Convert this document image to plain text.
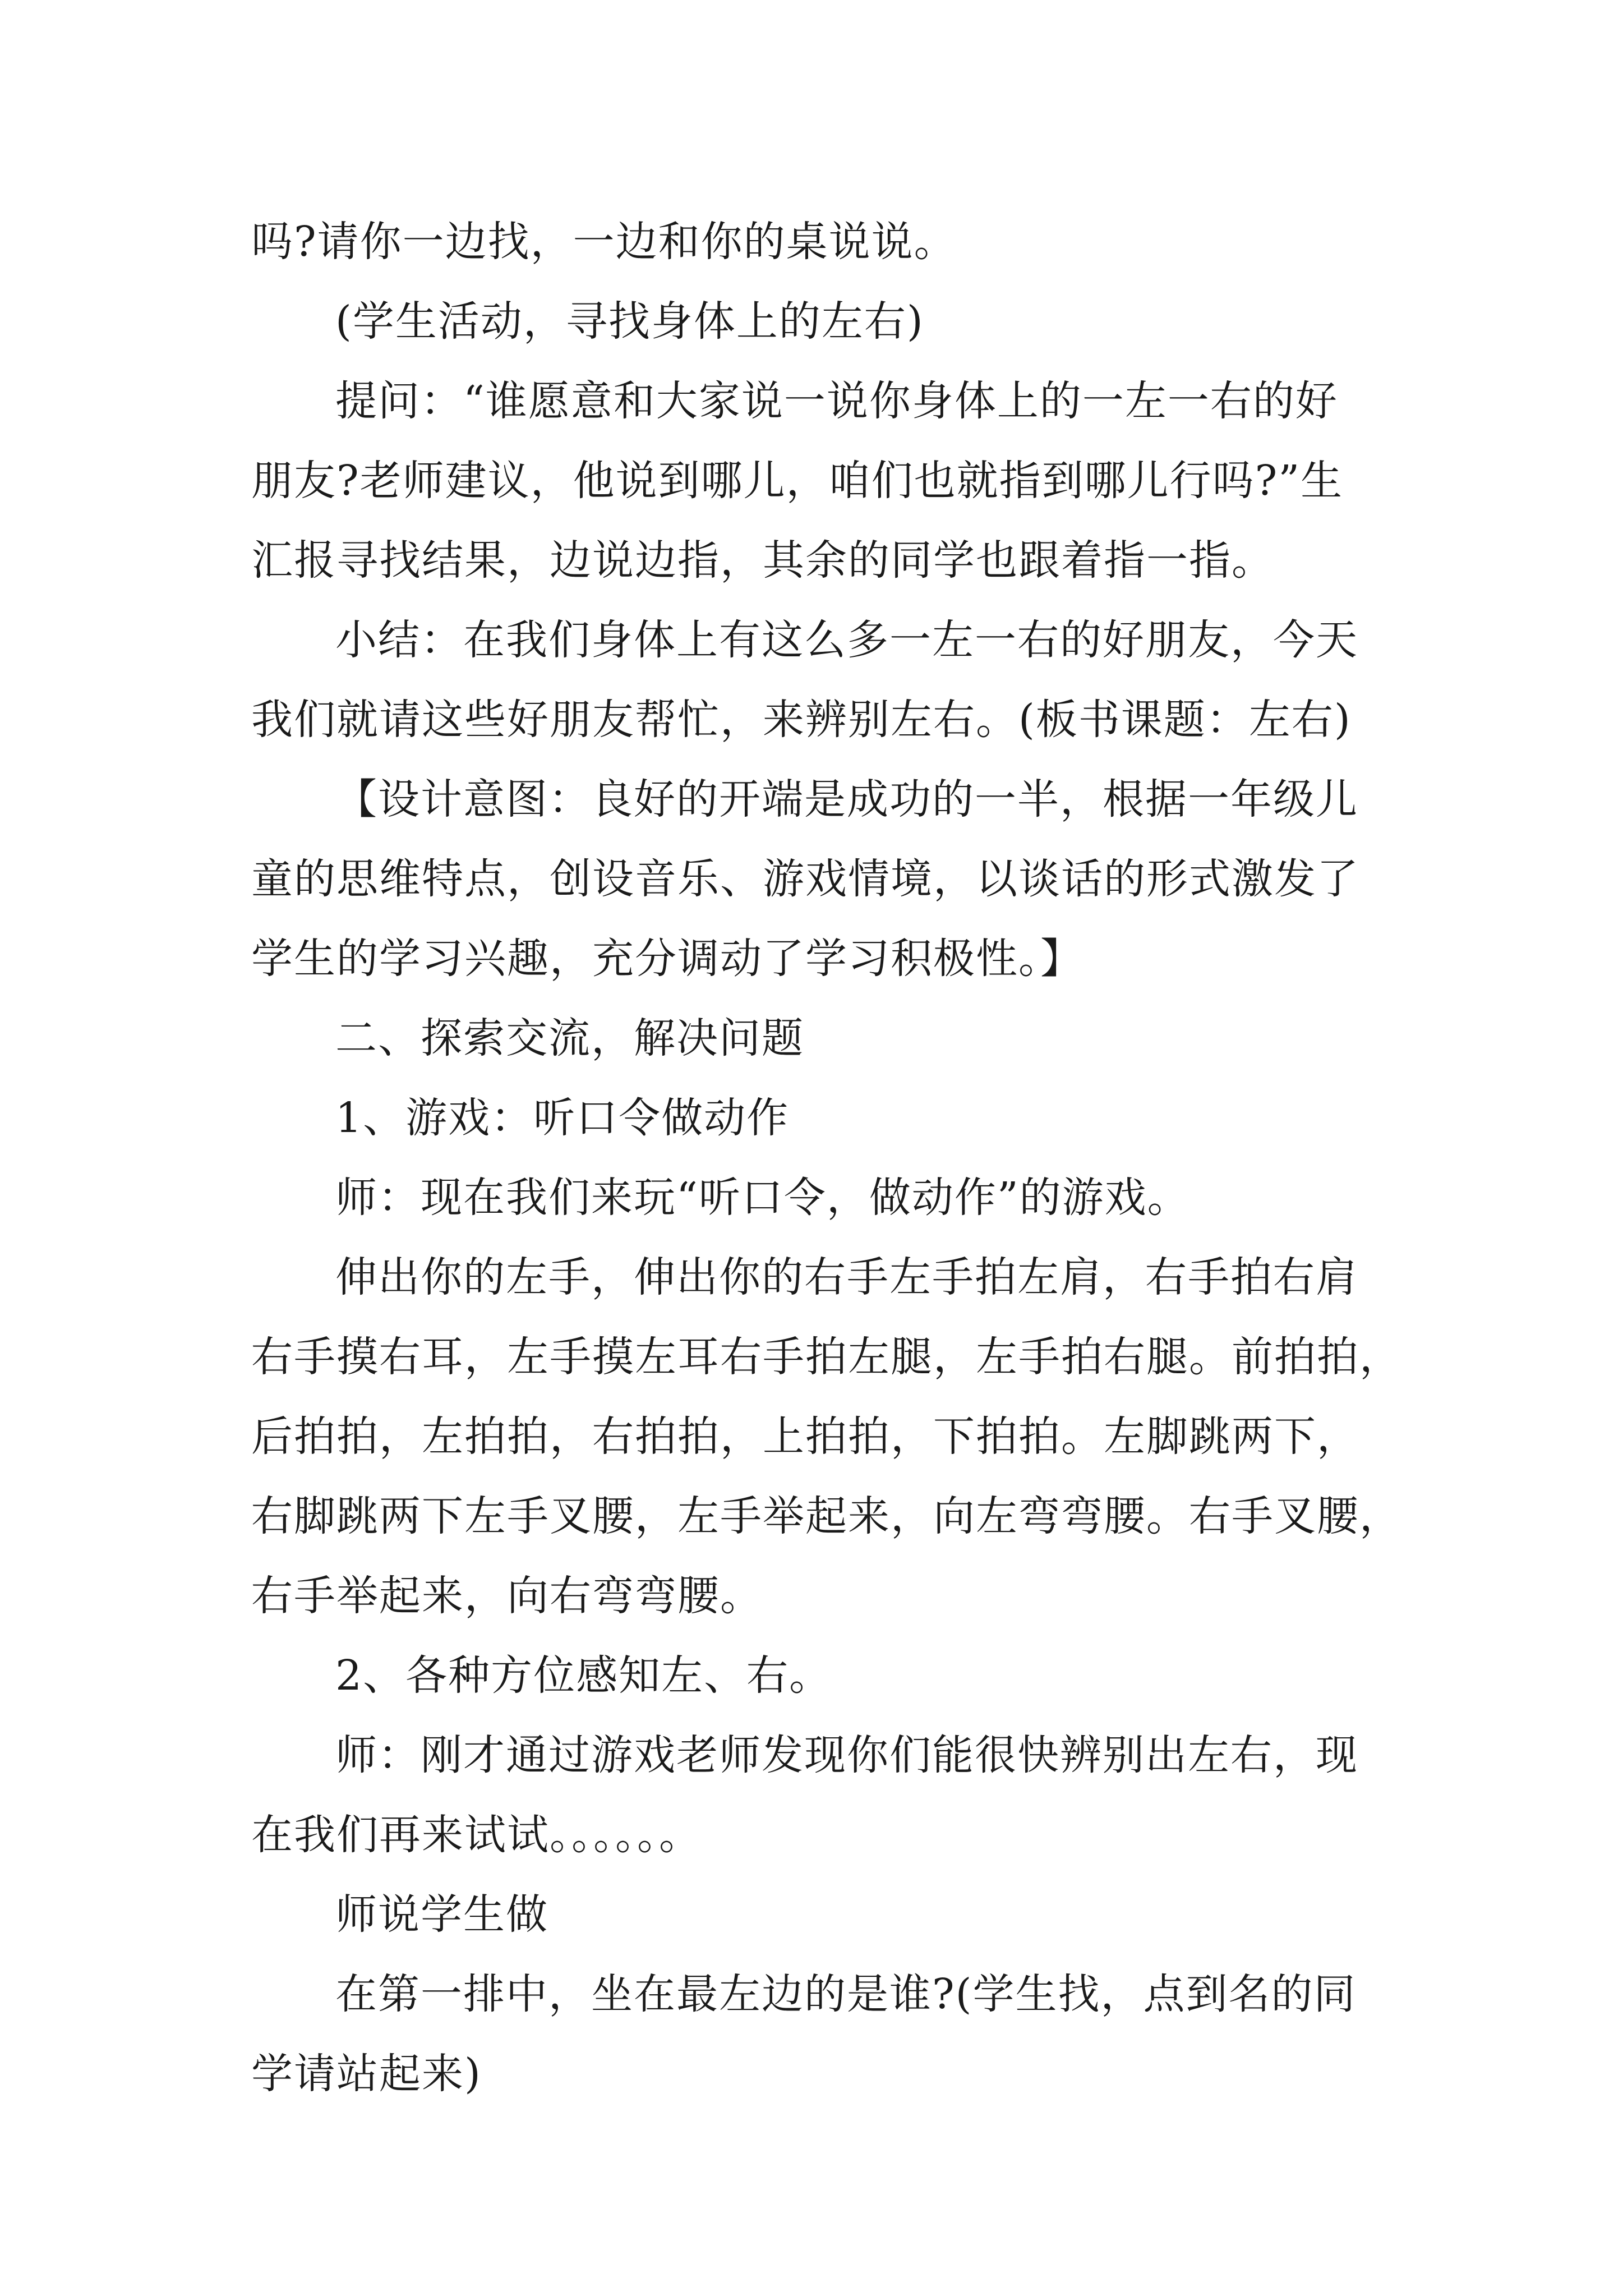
吗?请你一边找，一边和你的桌说说。
(学生活动，寻找身体上的左右)
提问：“谁愿意和大家说一说你身体上的一左一右的好
朋友?老师建议，他说到哪儿，咱们也就指到哪儿行吗?”生
汇报寻找结果，边说边指，其余的同学也跟着指一指。
小结：在我们身体上有这么多一左一右的好朋友，今天
我们就请这些好朋友帮忙，来辨别左右。(板书课题：左右)
【设计意图：良好的开端是成功的一半，根据一年级儿
童的思维特点，创设音乐、游戏情境，以谈话的形式激发了
学生的学习兴趣，充分调动了学习积极性。】
二、探索交流，解决问题
1、游戏：听口令做动作
师：现在我们来玩“听口令，做动作”的游戏。
伸出你的左手，伸出你的右手左手拍左肩，右手拍右肩
右手摸右耳，左手摸左耳右手拍左腿，左手拍右腿。前拍拍，
后拍拍，左拍拍，右拍拍，上拍拍，下拍拍。左脚跳两下，
右脚跳两下左手叉腰，左手举起来，向左弯弯腰。右手叉腰，
右手举起来，向右弯弯腰。
2、各种方位感知左、右。
师：刚才通过游戏老师发现你们能很快辨别出左右，现
在我们再来试试。。。。。。
师说学生做
在第一排中，坐在最左边的是谁?(学生找，点到名的同
学请站起来)
